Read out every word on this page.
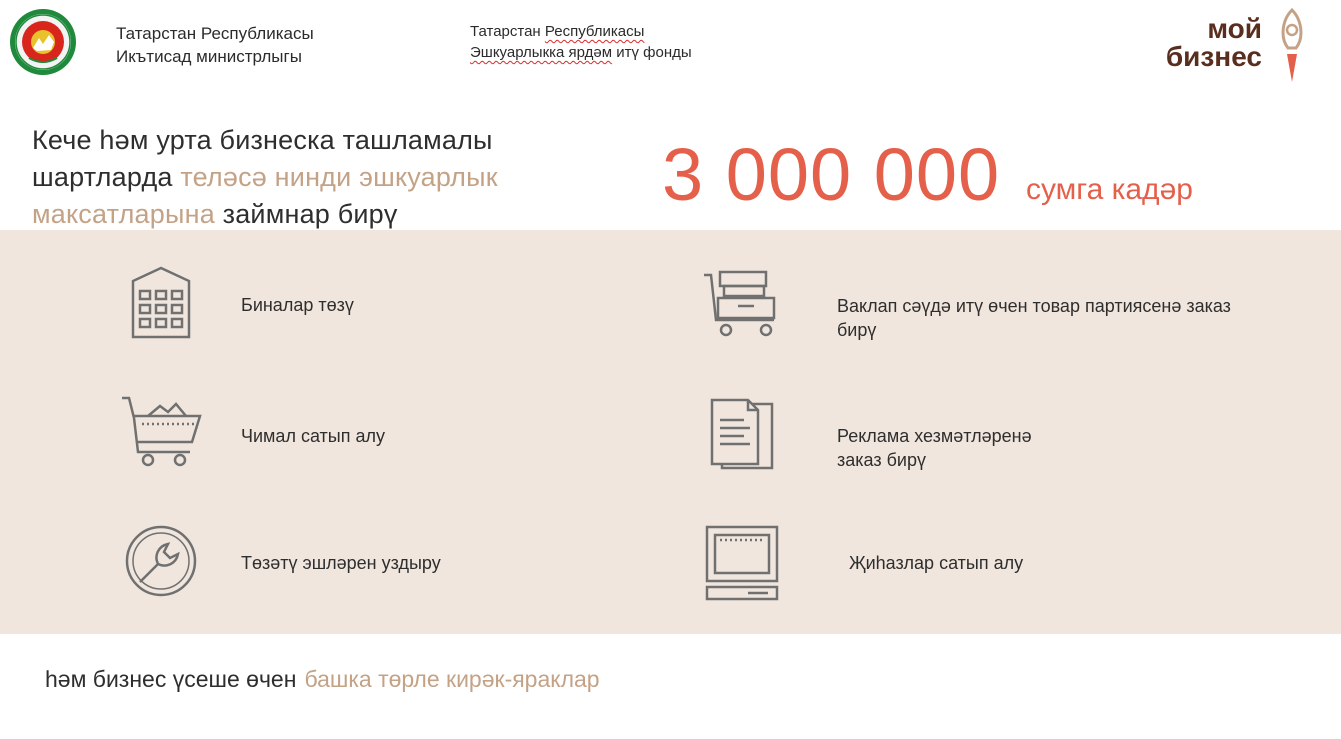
Татарстан Республикасы
Икътисад министрлыгы
Татарстан Республикасы
Эшкуарлыкка ярдәм итү фонды
мой
бизнес
Кече һәм урта бизнеска ташламалы
шартларда теләсә нинди эшкуарлык
максатларына займнар бирү	3 000 000 сумга кадәр
Биналар төзү	Ваклап сәүдә итү өчен товар партиясенә заказ
бирү
Чимал сатып алу	Реклама хезмәтләренә
заказ бирү
Төзәтү эшләрен уздыру	Җиһазлар сатып алу
һәм бизнес үсеше өчен башка төрле кирәк-яраклар
